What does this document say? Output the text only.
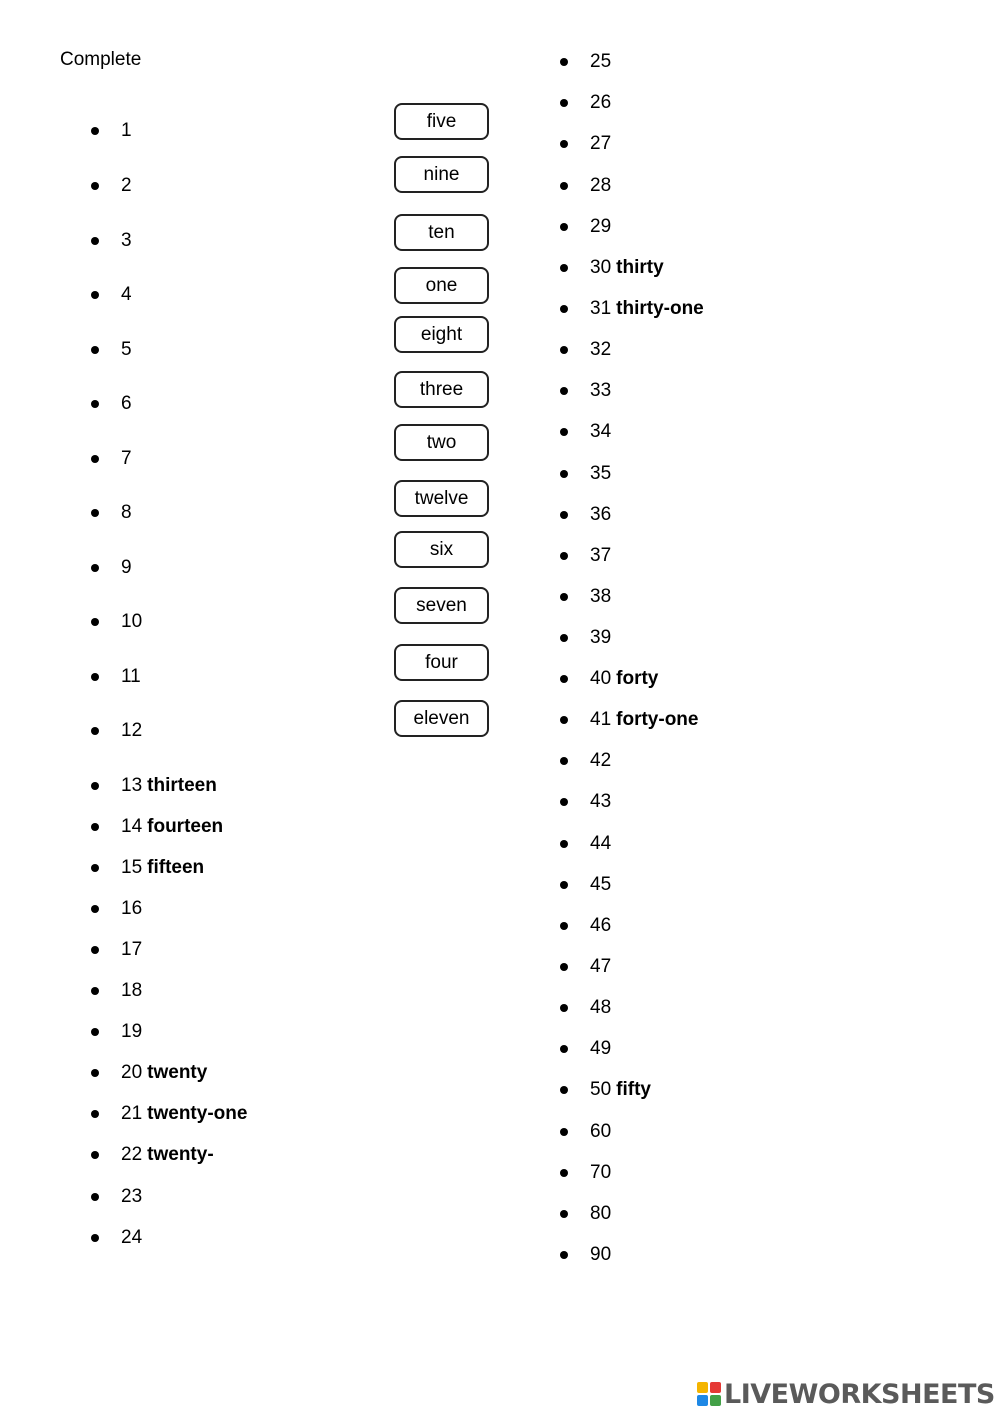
Complete
1
2
3
4
5
6
7
8
9
10
11
12
13 thirteen
14 fourteen
15 fifteen
16
17
18
19
20 twenty
21 twenty-one
22 twenty-
23
24
five
nine
ten
one
eight
three
two
twelve
six
seven
four
eleven
25
26
27
28
29
30 thirty
31 thirty-one
32
33
34
35
36
37
38
39
40 forty
41 forty-one
42
43
44
45
46
47
48
49
50 fifty
60
70
80
90
LIVEWORKSHEETS
